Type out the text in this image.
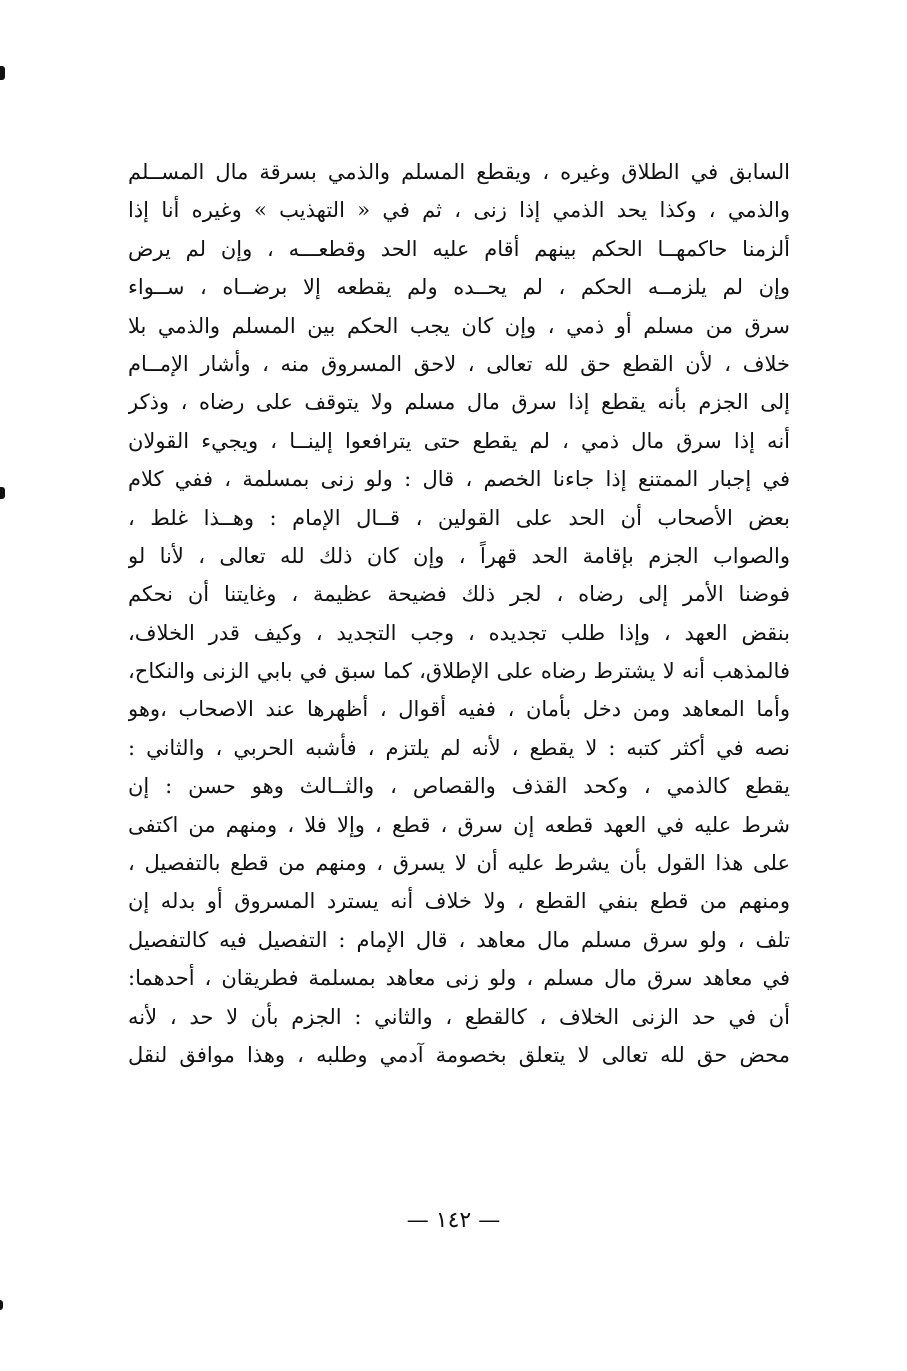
السابق في الطلاق وغيره ، ويقطع المسلم والذمي بسرقة مال المســلم
والذمي ، وكذا يحد الذمي إذا زنى ، ثم في « التهذيب » وغيره أنا إذا
ألزمنا حاكمهــا الحكم بينهم أقام عليه الحد وقطعـــه ، وإن لم يرض
وإن لم يلزمــه الحكم ، لم يحــده ولم يقطعه إلا برضــاه ، ســواء
سرق من مسلم أو ذمي ، وإن كان يجب الحكم بين المسلم والذمي بلا
خلاف ، لأن القطع حق لله تعالى ، لاحق المسروق منه ، وأشار الإمــام
إلى الجزم بأنه يقطع إذا سرق مال مسلم ولا يتوقف على رضاه ، وذكر
أنه إذا سرق مال ذمي ، لم يقطع حتى يترافعوا إلينــا ، ويجيء القولان
في إجبار الممتنع إذا جاءنا الخصم ، قال : ولو زنى بمسلمة ، ففي كلام
بعض الأصحاب أن الحد على القولين ، قــال الإمام : وهــذا غلط ،
والصواب الجزم بإقامة الحد قهراً ، وإن كان ذلك لله تعالى ، لأنا لو
فوضنا الأمر إلى رضاه ، لجر ذلك فضيحة عظيمة ، وغايتنا أن نحكم
بنقض العهد ، وإذا طلب تجديده ، وجب التجديد ، وكيف قدر الخلاف،
فالمذهب أنه لا يشترط رضاه على الإطلاق، كما سبق في بابي الزنى والنكاح،
وأما المعاهد ومن دخل بأمان ، ففيه أقوال ، أظهرها عند الاصحاب ،وهو
نصه في أكثر كتبه : لا يقطع ، لأنه لم يلتزم ، فأشبه الحربي ، والثاني :
يقطع كالذمي ، وكحد القذف والقصاص ، والثــالث وهو حسن : إن
شرط عليه في العهد قطعه إن سرق ، قطع ، وإلا فلا ، ومنهم من اكتفى
على هذا القول بأن يشرط عليه أن لا يسرق ، ومنهم من قطع بالتفصيل ،
ومنهم من قطع بنفي القطع ، ولا خلاف أنه يسترد المسروق أو بدله إن
تلف ، ولو سرق مسلم مال معاهد ، قال الإمام : التفصيل فيه كالتفصيل
في معاهد سرق مال مسلم ، ولو زنى معاهد بمسلمة فطريقان ، أحدهما:
أن في حد الزنى الخلاف ، كالقطع ، والثاني : الجزم بأن لا حد ، لأنه
محض حق لله تعالى لا يتعلق بخصومة آدمي وطلبه ، وهذا موافق لنقل
— ١٤٢ —
